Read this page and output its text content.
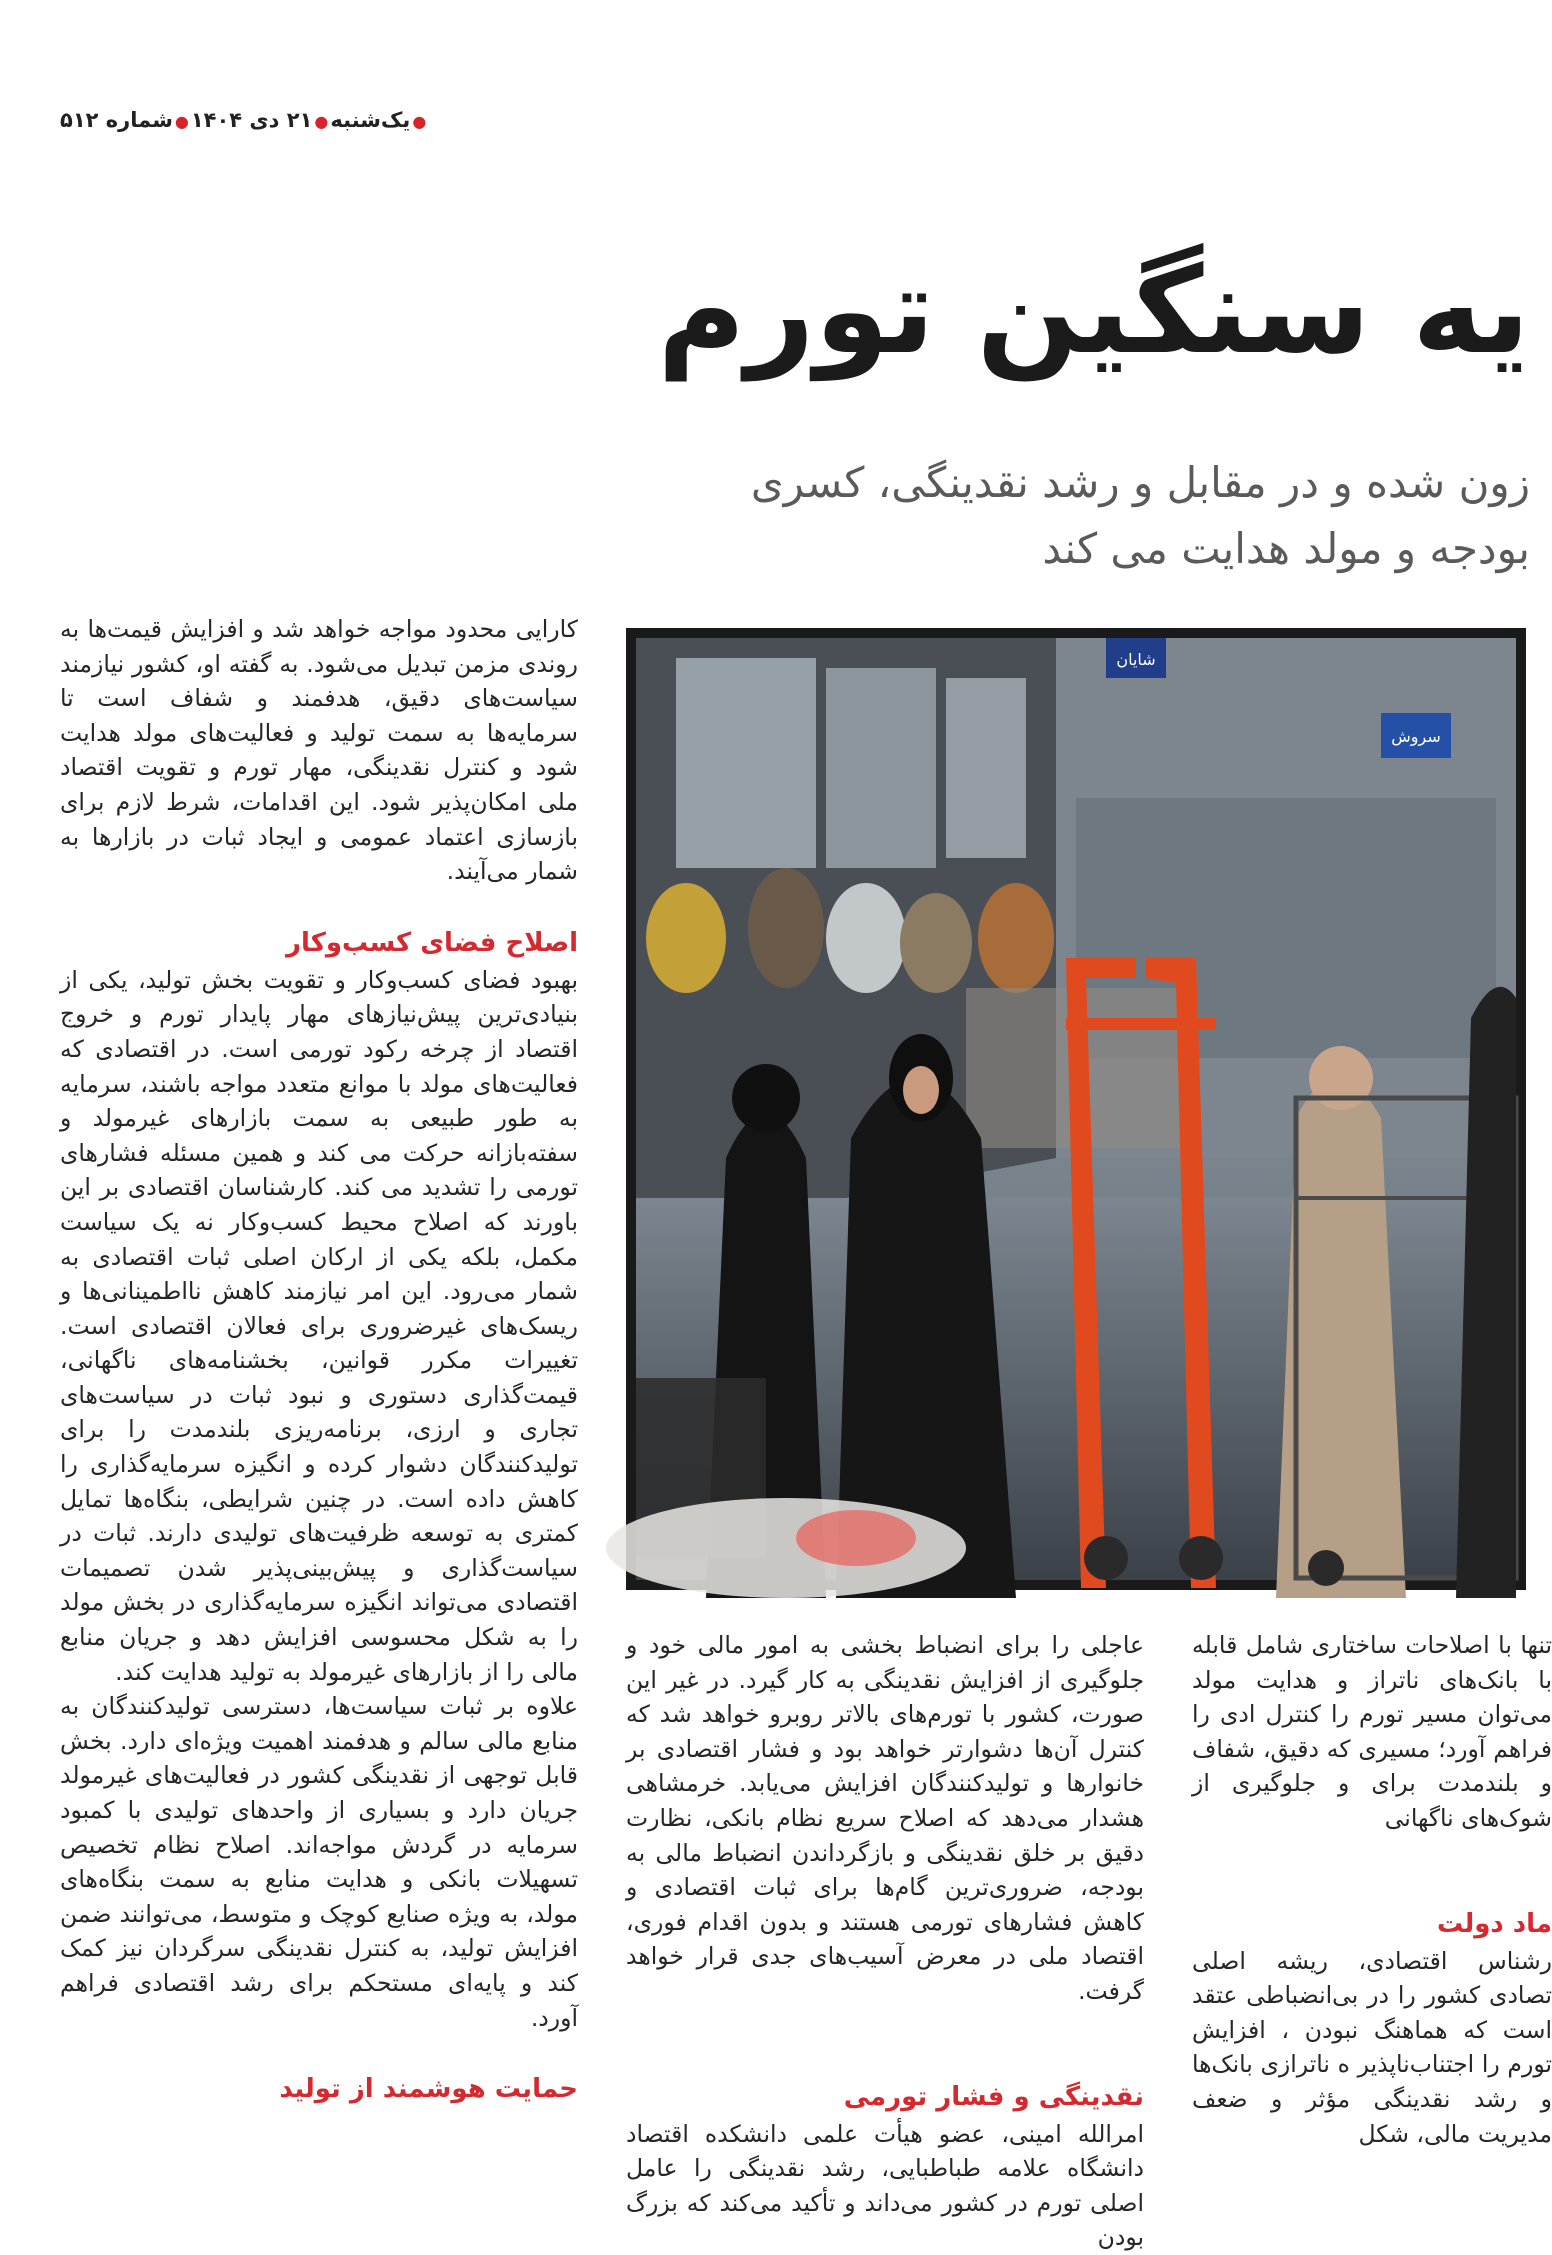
●یک‌شنبه●۲۱ دی ۱۴۰۴●شماره ۵۱۲
یه سنگین تورم
زون شده و در مقابل و رشد نقدینگی، کسری بودجه و مولد هدایت می کند
شایان
سروش

کارایی محدود مواجه خواهد شد و افزایش قیمت‌ها به روندی مزمن تبدیل می‌شود. به گفته او، کشور نیازمند سیاست‌های دقیق، هدفمند و شفاف است تا سرمایه‌ها به سمت تولید و فعالیت‌های مولد هدایت شود و کنترل نقدینگی، مهار تورم و تقویت اقتصاد ملی امکان‌پذیر شود. این اقدامات، شرط لازم برای بازسازی اعتماد عمومی و ایجاد ثبات در بازارها به شمار می‌آیند.

اصلاح فضای کسب‌وکار

بهبود فضای کسب‌وکار و تقویت بخش تولید، یکی از بنیادی‌ترین پیش‌نیازهای مهار پایدار تورم و خروج اقتصاد از چرخه رکود تورمی است. در اقتصادی که فعالیت‌های مولد با موانع متعدد مواجه باشند، سرمایه به طور طبیعی به سمت بازارهای غیرمولد و سفته‌بازانه حرکت می کند و همین مسئله فشارهای تورمی را تشدید می کند. کارشناسان اقتصادی بر این باورند که اصلاح محیط کسب‌وکار نه یک سیاست مکمل، بلکه یکی از ارکان اصلی ثبات اقتصادی به شمار می‌رود. این امر نیازمند کاهش نااطمینانی‌ها و ریسک‌های غیرضروری برای فعالان اقتصادی است. تغییرات مکرر قوانین، بخشنامه‌های ناگهانی، قیمت‌گذاری دستوری و نبود ثبات در سیاست‌های تجاری و ارزی، برنامه‌ریزی بلندمدت را برای تولیدکنندگان دشوار کرده و انگیزه سرمایه‌گذاری را کاهش داده است. در چنین شرایطی، بنگاه‌ها تمایل کمتری به توسعه ظرفیت‌های تولیدی دارند. ثبات در سیاست‌گذاری و پیش‌بینی‌پذیر شدن تصمیمات اقتصادی می‌تواند انگیزه سرمایه‌گذاری در بخش مولد را به شکل محسوسی افزایش دهد و جریان منابع مالی را از بازارهای غیرمولد به تولید هدایت کند.

علاوه بر ثبات سیاست‌ها، دسترسی تولیدکنندگان به منابع مالی سالم و هدفمند اهمیت ویژه‌ای دارد. بخش قابل توجهی از نقدینگی کشور در فعالیت‌های غیرمولد جریان دارد و بسیاری از واحدهای تولیدی با کمبود سرمایه در گردش مواجه‌اند. اصلاح نظام تخصیص تسهیلات بانکی و هدایت منابع به سمت بنگاه‌های مولد، به ویژه صنایع کوچک و متوسط، می‌توانند ضمن افزایش تولید، به کنترل نقدینگی سرگردان نیز کمک کند و پایه‌ای مستحکم برای رشد اقتصادی فراهم آورد.

حمایت هوشمند از تولید

عاجلی را برای انضباط بخشی به امور مالی خود و جلوگیری از افزایش نقدینگی به کار گیرد. در غیر این صورت، کشور با تورم‌های بالاتر روبرو خواهد شد که کنترل آن‌ها دشوارتر خواهد بود و فشار اقتصادی بر خانوارها و تولیدکنندگان افزایش می‌یابد. خرمشاهی هشدار می‌دهد که اصلاح سریع نظام بانکی، نظارت دقیق بر خلق نقدینگی و بازگرداندن انضباط مالی به بودجه، ضروری‌ترین گام‌ها برای ثبات اقتصادی و کاهش فشارهای تورمی هستند و بدون اقدام فوری، اقتصاد ملی در معرض آسیب‌های جدی قرار خواهد گرفت.

نقدینگی و فشار تورمی

امرالله امینی، عضو هیأت علمی دانشکده اقتصاد دانشگاه علامه طباطبایی، رشد نقدینگی را عامل اصلی تورم در کشور می‌داند و تأکید می‌کند که بزرگ بودن

تنها با اصلاحات ساختاری شامل قابله با بانک‌های ناتراز و هدایت مولد می‌توان مسیر تورم را کنترل ادی را فراهم آورد؛ مسیری که دقیق، شفاف و بلندمدت برای و جلوگیری از شوک‌های ناگهانی

ماد دولت

رشناس اقتصادی، ریشه اصلی تصادی کشور را در بی‌انضباطی عتقد است که هماهنگ نبودن ، افزایش تورم را اجتناب‌ناپذیر ه ناترازی بانک‌ها و رشد نقدینگی مؤثر و ضعف مدیریت مالی، شکل
